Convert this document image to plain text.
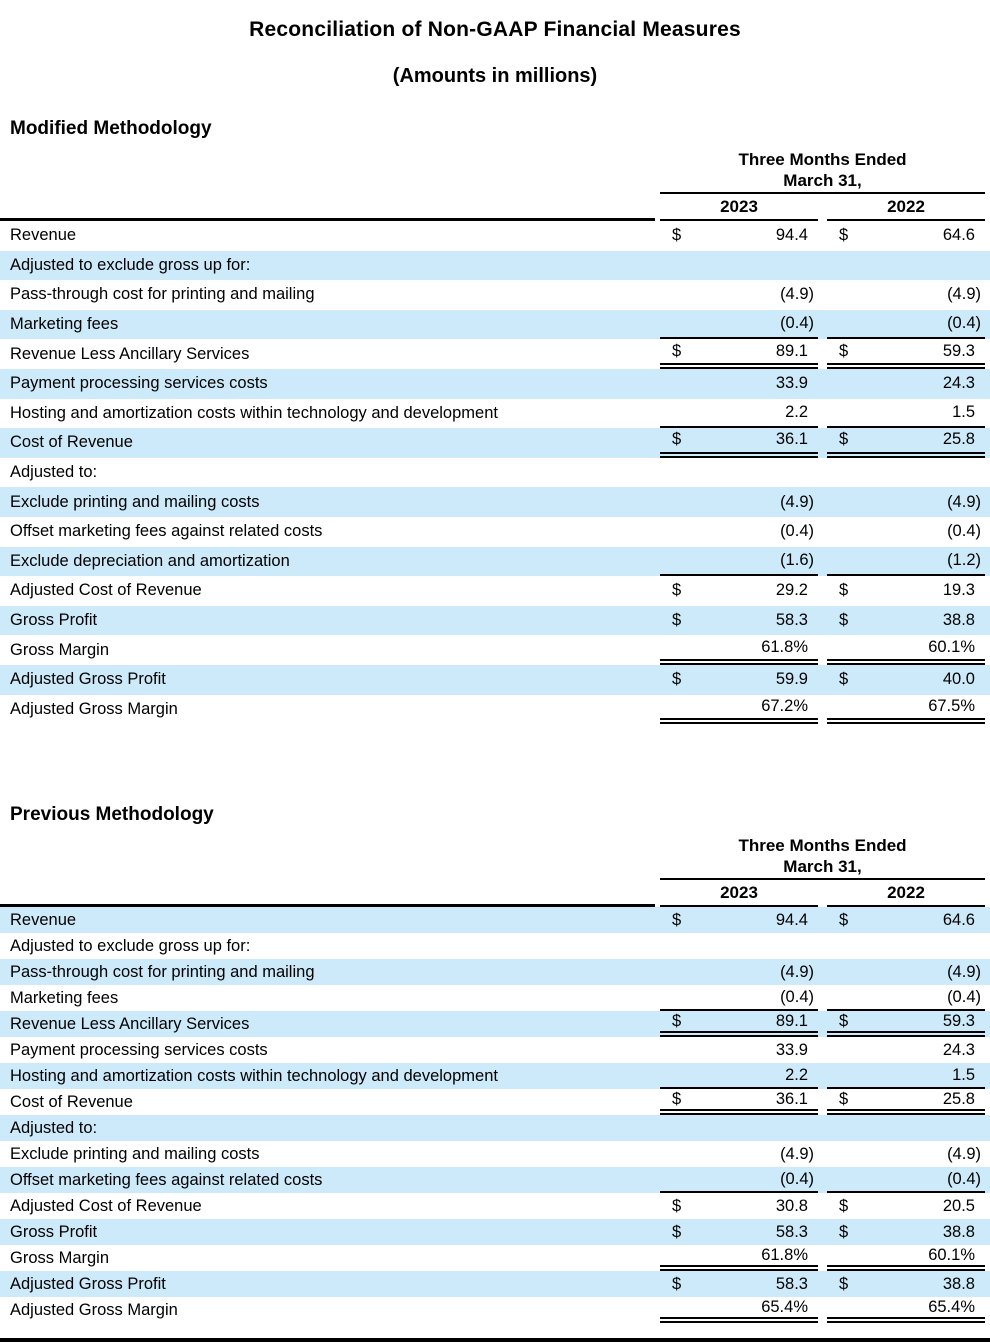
Reconciliation of Non-GAAP Financial Measures
(Amounts in millions)
Modified Methodology
Three Months Ended
March 31,
2023	2022
Revenue	$	94.4 $	64.6
Adjusted to exclude gross up for:
Pass-through cost for printing and mailing	(4.9)	(4.9)
Marketing fees	(0.4)	(0.4)
Revenue Less Ancillary Services	$	89.1 $	59.3
Payment processing services costs	33.9	24.3
Hosting and amortization costs within technology and development	2.2	1.5
Cost of Revenue	$	36.1 $	25.8
Adjusted to:
Exclude printing and mailing costs	(4.9)	(4.9)
Offset marketing fees against related costs	(0.4)	(0.4)
Exclude depreciation and amortization	(1.6)	(1.2)
Adjusted Cost of Revenue	$	29.2 $	19.3
Gross Profit	$	58.3 $	38.8
Gross Margin	61.8%	60.1%
Adjusted Gross Profit	$	59.9 $	40.0
Adjusted Gross Margin	67.2%	67.5%
Previous Methodology
Three Months Ended
March 31,
2023	2022
Revenue	$	94.4 $	64.6
Adjusted to exclude gross up for:
Pass-through cost for printing and mailing	(4.9)	(4.9)
Marketing fees	(0.4)	(0.4)
Revenue Less Ancillary Services	$	89.1 $	59.3
Payment processing services costs	33.9	24.3
Hosting and amortization costs within technology and development	2.2	1.5
Cost of Revenue	$	36.1 $	25.8
Adjusted to:
Exclude printing and mailing costs	(4.9)	(4.9)
Offset marketing fees against related costs	(0.4)	(0.4)
Adjusted Cost of Revenue	$	30.8 $	20.5
Gross Profit	$	58.3 $	38.8
Gross Margin	61.8%	60.1%
Adjusted Gross Profit	$	58.3 $	38.8
Adjusted Gross Margin	65.4%	65.4%
